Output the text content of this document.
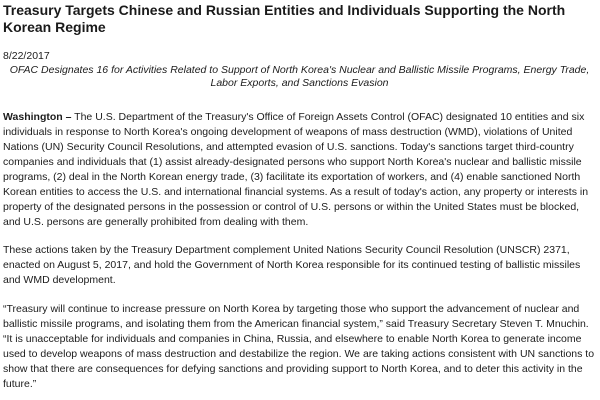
Treasury Targets Chinese and Russian Entities and Individuals Supporting the North Korean Regime
8/22/2017
OFAC Designates 16 for Activities Related to Support of North Korea's Nuclear and Ballistic Missile Programs, Energy Trade, Labor Exports, and Sanctions Evasion

Washington – The U.S. Department of the Treasury's Office of Foreign Assets Control (OFAC) designated 10 entities and six individuals in response to North Korea's ongoing development of weapons of mass destruction (WMD), violations of United Nations (UN) Security Council Resolutions, and attempted evasion of U.S. sanctions. Today's sanctions target third-country companies and individuals that (1) assist already-designated persons who support North Korea's nuclear and ballistic missile programs, (2) deal in the North Korean energy trade, (3) facilitate its exportation of workers, and (4) enable sanctioned North Korean entities to access the U.S. and international financial systems. As a result of today's action, any property or interests in property of the designated persons in the possession or control of U.S. persons or within the United States must be blocked, and U.S. persons are generally prohibited from dealing with them.

These actions taken by the Treasury Department complement United Nations Security Council Resolution (UNSCR) 2371, enacted on August 5, 2017, and hold the Government of North Korea responsible for its continued testing of ballistic missiles and WMD development.

“Treasury will continue to increase pressure on North Korea by targeting those who support the advancement of nuclear and ballistic missile programs, and isolating them from the American financial system,” said Treasury Secretary Steven T. Mnuchin. “It is unacceptable for individuals and companies in China, Russia, and elsewhere to enable North Korea to generate income used to develop weapons of mass destruction and destabilize the region. We are taking actions consistent with UN sanctions to show that there are consequences for defying sanctions and providing support to North Korea, and to deter this activity in the future.”
